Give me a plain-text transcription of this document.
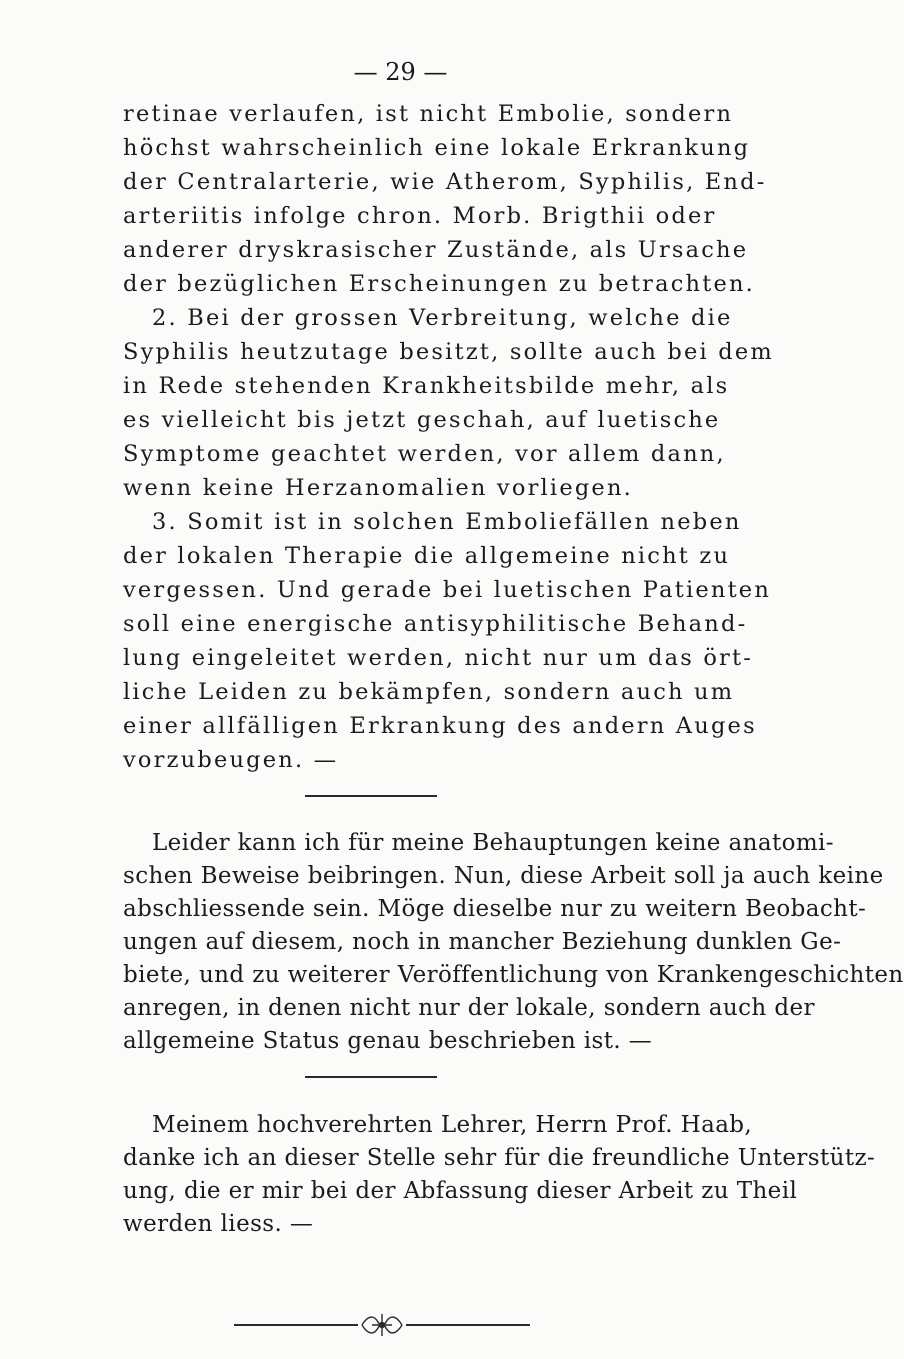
— 29 —
retinae verlaufen, ist nicht Embolie, sondern
höchst wahrscheinlich eine lokale Erkrankung
der Centralarterie, wie Atherom, Syphilis, End-
arteriitis infolge chron. Morb. Brigthii oder
anderer dryskrasischer Zustände, als Ursache
der bezüglichen Erscheinungen zu betrachten.
2. Bei der grossen Verbreitung, welche die
Syphilis heutzutage besitzt, sollte auch bei dem
in Rede stehenden Krankheitsbilde mehr, als
es vielleicht bis jetzt geschah, auf luetische
Symptome geachtet werden, vor allem dann,
wenn keine Herzanomalien vorliegen.
3. Somit ist in solchen Emboliefällen neben
der lokalen Therapie die allgemeine nicht zu
vergessen. Und gerade bei luetischen Patienten
soll eine energische antisyphilitische Behand-
lung eingeleitet werden, nicht nur um das ört-
liche Leiden zu bekämpfen, sondern auch um
einer allfälligen Erkrankung des andern Auges
vorzubeugen. —
Leider kann ich für meine Behauptungen keine anatomi-
schen Beweise beibringen. Nun, diese Arbeit soll ja auch keine
abschliessende sein. Möge dieselbe nur zu weitern Beobacht-
ungen auf diesem, noch in mancher Beziehung dunklen Ge-
biete, und zu weiterer Veröffentlichung von Krankengeschichten
anregen, in denen nicht nur der lokale, sondern auch der
allgemeine Status genau beschrieben ist. —
Meinem hochverehrten Lehrer, Herrn Prof. Haab,
danke ich an dieser Stelle sehr für die freundliche Unterstütz-
ung, die er mir bei der Abfassung dieser Arbeit zu Theil
werden liess. —
